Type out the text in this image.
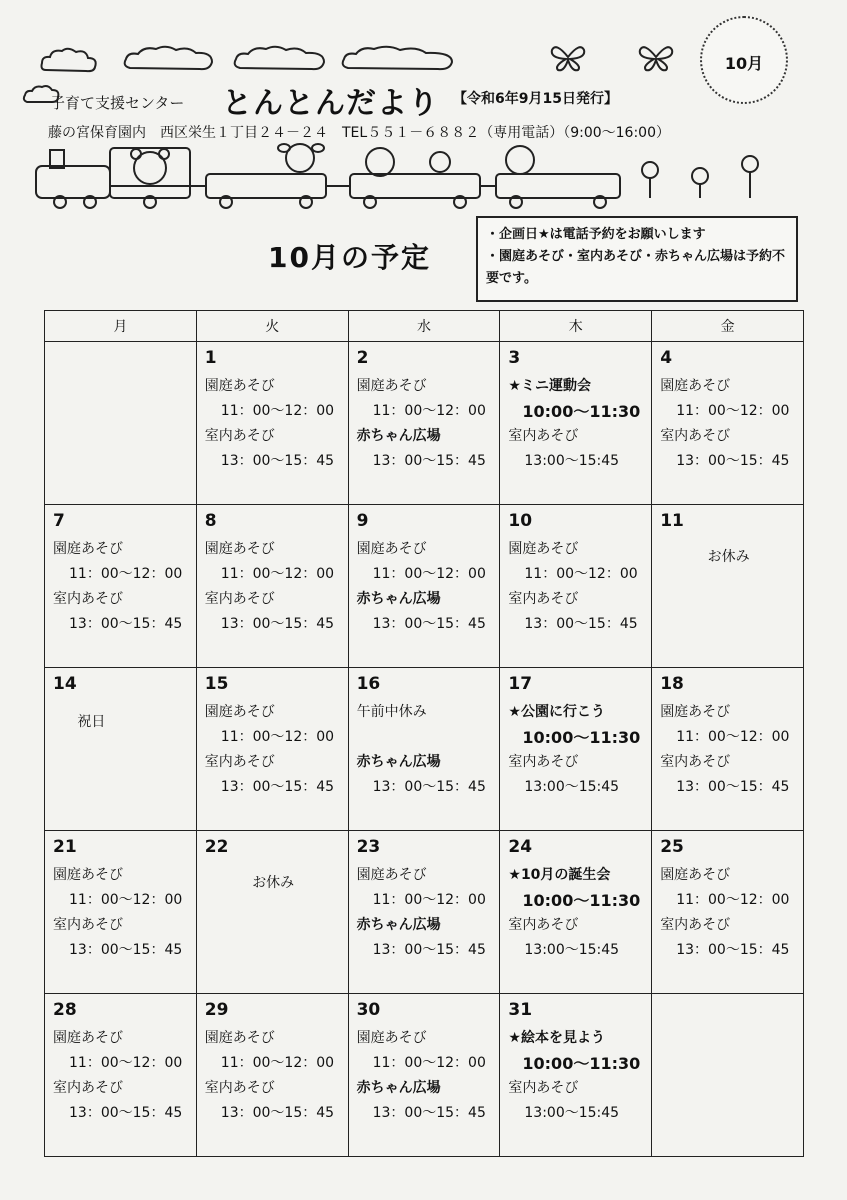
子育て支援センター とんとんだより 【令和6年9月15日発行】
藤の宮保育園内　西区栄生１丁目２４－２４　TEL５５１－６８８２（専用電話）（9:00～16:00）
10月
10月の予定

・企画日★は電話予約をお願いします

・園庭あそび・室内あそび・赤ちゃん広場は予約不要です。

月	火	水	木	金

	1
園庭あそび
11：00～12：00
室内あそび
13：00～15：45	2
園庭あそび
11：00～12：00
赤ちゃん広場
13：00～15：45	3
★ミニ運動会
10:00～11:30
室内あそび
13:00～15:45	4
園庭あそび
11：00～12：00
室内あそび
13：00～15：45

7
園庭あそび
11：00～12：00
室内あそび
13：00～15：45	8
園庭あそび
11：00～12：00
室内あそび
13：00～15：45	9
園庭あそび
11：00～12：00
赤ちゃん広場
13：00～15：45	10
園庭あそび
11：00～12：00
室内あそび
13：00～15：45	11
お休み

14
祝日	15
園庭あそび
11：00～12：00
室内あそび
13：00～15：45	16
午前中休み

赤ちゃん広場
13：00～15：45	17
★公園に行こう
10:00～11:30
室内あそび
13:00～15:45	18
園庭あそび
11：00～12：00
室内あそび
13：00～15：45

21
園庭あそび
11：00～12：00
室内あそび
13：00～15：45	22
お休み	23
園庭あそび
11：00～12：00
赤ちゃん広場
13：00～15：45	24
★10月の誕生会
10:00～11:30
室内あそび
13:00～15:45	25
園庭あそび
11：00～12：00
室内あそび
13：00～15：45

28
園庭あそび
11：00～12：00
室内あそび
13：00～15：45	29
園庭あそび
11：00～12：00
室内あそび
13：00～15：45	30
園庭あそび
11：00～12：00
赤ちゃん広場
13：00～15：45	31
★絵本を見よう
10:00～11:30
室内あそび
13:00～15:45	
